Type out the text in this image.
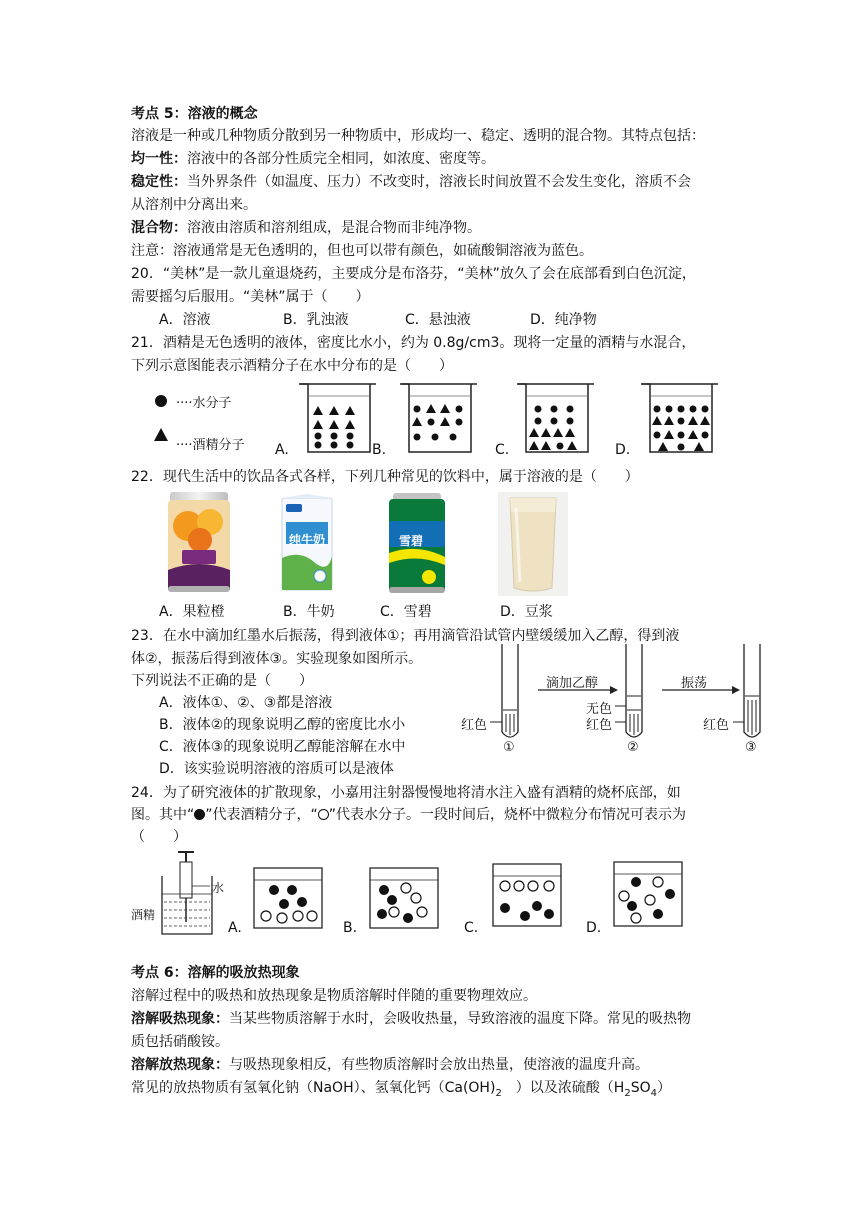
考点 5：溶液的概念
溶液是一种或几种物质分散到另一种物质中，形成均一、稳定、透明的混合物。其特点包括：
均一性：溶液中的各部分性质完全相同，如浓度、密度等。
稳定性：当外界条件（如温度、压力）不改变时，溶液长时间放置不会发生变化，溶质不会
从溶剂中分离出来。
混合物：溶液由溶质和溶剂组成，是混合物而非纯净物。
注意：溶液通常是无色透明的，但也可以带有颜色，如硫酸铜溶液为蓝色。
20．“美林”是一款儿童退烧药，主要成分是布洛芬，“美林”放久了会在底部看到白色沉淀，
需要摇匀后服用。“美林”属于（　　）
A．溶液	B．乳浊液	C．悬浊液	D．纯净物
21．酒精是无色透明的液体，密度比水小，约为 0.8g/cm3。现将一定量的酒精与水混合，
下列示意图能表示酒精分子在水中分布的是（　　）
····水分子
····酒精分子 A.	B.	C.	D.
22．现代生活中的饮品各式各样，下列几种常见的饮料中，属于溶液的是（　　）
纯牛奶	雪碧
A．果粒橙	B．牛奶	C．雪碧	D．豆浆
23．在水中滴加红墨水后振荡，得到液体①；再用滴管沿试管内壁缓缓加入乙醇，得到液
体②，振荡后得到液体③。实验现象如图所示。
下列说法不正确的是（　　）
A．液体①、②、③都是溶液
B．液体②的现象说明乙醇的密度比水小
C．液体③的现象说明乙醇能溶解在水中
D．该实验说明溶液的溶质可以是液体
红色
无色
红色	红色
滴加乙醇	振荡
①	②	③
24．为了研究液体的扩散现象，小嘉用注射器慢慢地将清水注入盛有酒精的烧杯底部，如
图。其中“ ”代表酒精分子，“ ”代表水分子。一段时间后，烧杯中微粒分布情况可表示为
（　　）
水
酒精
A.	B.	C.	D.
考点 6：溶解的吸放热现象
溶解过程中的吸热和放热现象是物质溶解时伴随的重要物理效应。
溶解吸热现象：当某些物质溶解于水时，会吸收热量，导致溶液的温度下降。常见的吸热物
质包括硝酸铵。
溶解放热现象：与吸热现象相反，有些物质溶解时会放出热量，使溶液的温度升高。
常见的放热物质有氢氧化钠（NaOH）、氢氧化钙（$Ca(OH)_2$　）以及浓硫酸$(H_2SO_4)$
